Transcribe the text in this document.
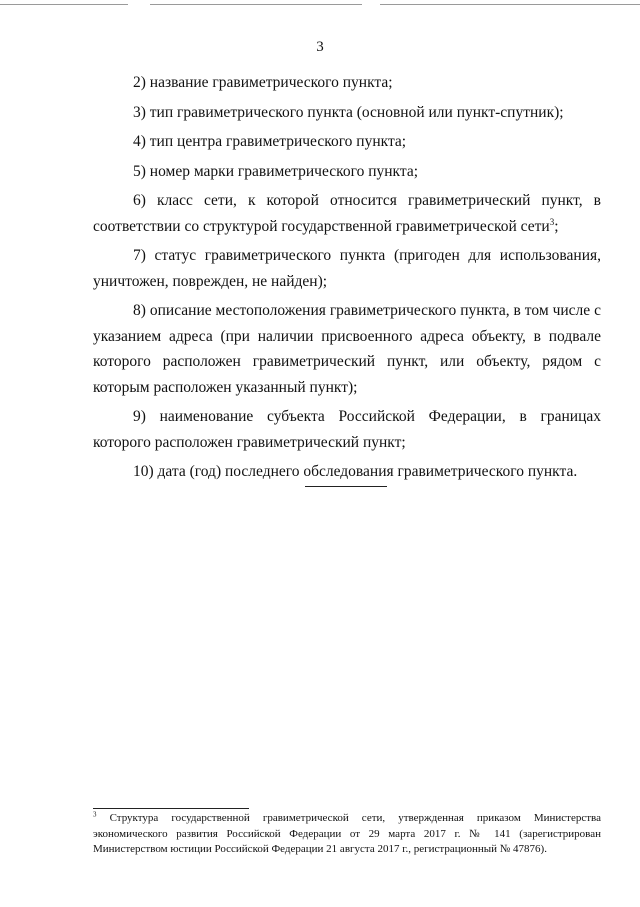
3

2) название гравиметрического пункта;

3) тип гравиметрического пункта (основной или пункт-спутник);

4) тип центра гравиметрического пункта;

5) номер марки гравиметрического пункта;

6) класс сети, к которой относится гравиметрический пункт, в соответствии со структурой государственной гравиметрической сети$^3$;

7) статус гравиметрического пункта (пригоден для использования, уничтожен, поврежден, не найден);

8) описание местоположения гравиметрического пункта, в том числе с указанием адреса (при наличии присвоенного адреса объекту, в подвале которого расположен гравиметрический пункт, или объекту, рядом с которым расположен указанный пункт);

9) наименование субъекта Российской Федерации, в границах которого расположен гравиметрический пункт;

10) дата (год) последнего обследования гравиметрического пункта.

$^3$ Структура государственной гравиметрической сети, утвержденная приказом Министерства экономического развития Российской Федерации от 29 марта 2017 г. № 141 (зарегистрирован Министерством юстиции Российской Федерации 21 августа 2017 г., регистрационный № 47876).
